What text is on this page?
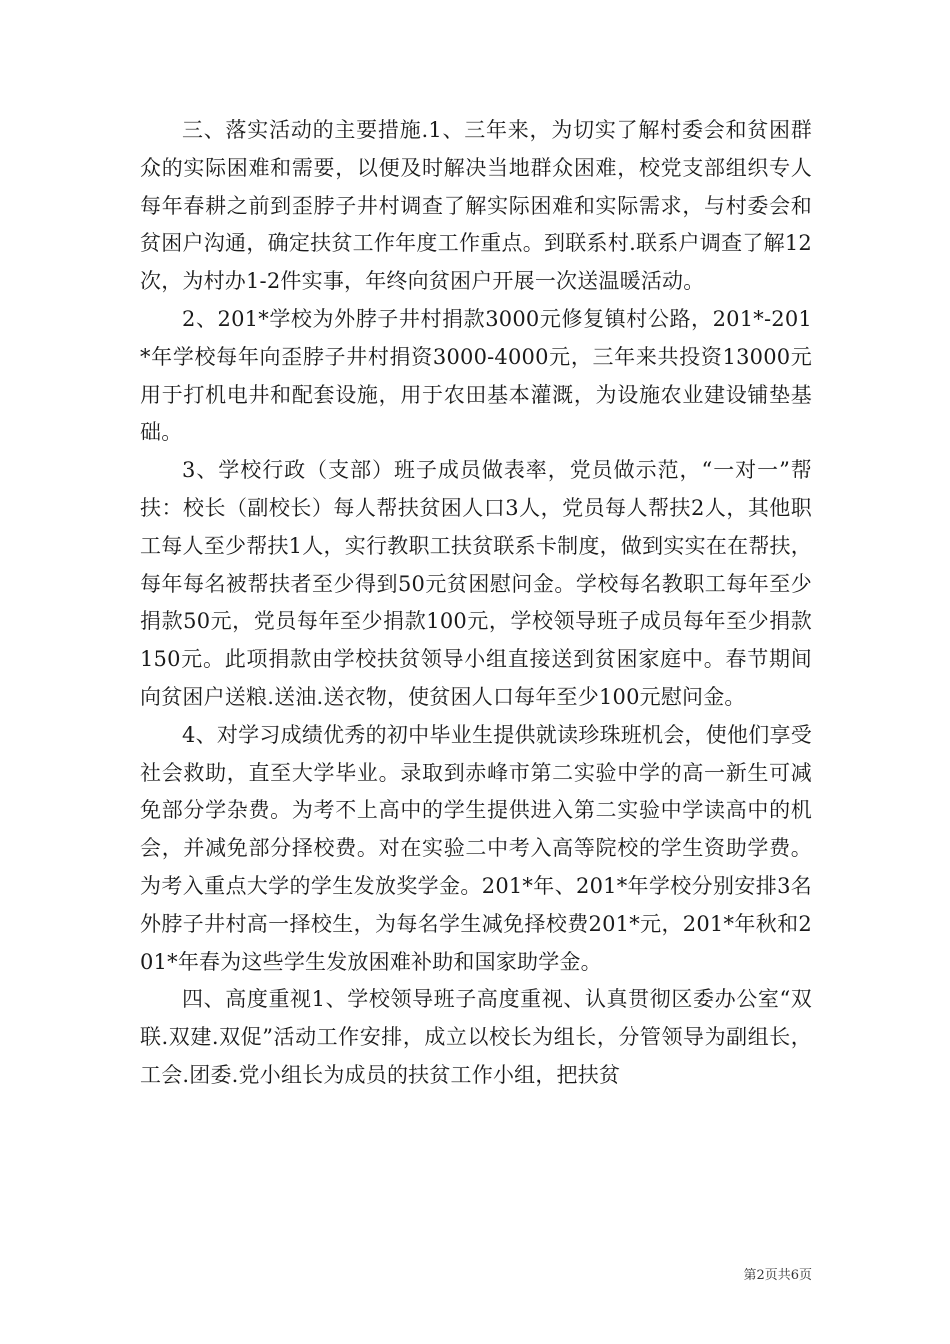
三、落实活动的主要措施.1、三年来，为切实了解村委会和贫困群众的实际困难和需要，以便及时解决当地群众困难，校党支部组织专人每年春耕之前到歪脖子井村调查了解实际困难和实际需求，与村委会和贫困户沟通，确定扶贫工作年度工作重点。到联系村.联系户调查了解12次，为村办1-2件实事，年终向贫困户开展一次送温暖活动。

2、201*学校为外脖子井村捐款3000元修复镇村公路，201*-201*年学校每年向歪脖子井村捐资3000-4000元，三年来共投资13000元用于打机电井和配套设施，用于农田基本灌溉，为设施农业建设铺垫基础。

3、学校行政（支部）班子成员做表率，党员做示范，“一对一”帮扶：校长（副校长）每人帮扶贫困人口3人，党员每人帮扶2人，其他职工每人至少帮扶1人，实行教职工扶贫联系卡制度，做到实实在在帮扶，每年每名被帮扶者至少得到50元贫困慰问金。学校每名教职工每年至少捐款50元，党员每年至少捐款100元，学校领导班子成员每年至少捐款150元。此项捐款由学校扶贫领导小组直接送到贫困家庭中。春节期间向贫困户送粮.送油.送衣物，使贫困人口每年至少100元慰问金。

4、对学习成绩优秀的初中毕业生提供就读珍珠班机会，使他们享受社会救助，直至大学毕业。录取到赤峰市第二实验中学的高一新生可减免部分学杂费。为考不上高中的学生提供进入第二实验中学读高中的机会，并减免部分择校费。对在实验二中考入高等院校的学生资助学费。为考入重点大学的学生发放奖学金。201*年、201*年学校分别安排3名外脖子井村高一择校生，为每名学生减免择校费201*元，201*年秋和201*年春为这些学生发放困难补助和国家助学金。

四、高度重视1、学校领导班子高度重视、认真贯彻区委办公室“双联.双建.双促”活动工作安排，成立以校长为组长，分管领导为副组长，工会.团委.党小组长为成员的扶贫工作小组，把扶贫

第2页共6页
